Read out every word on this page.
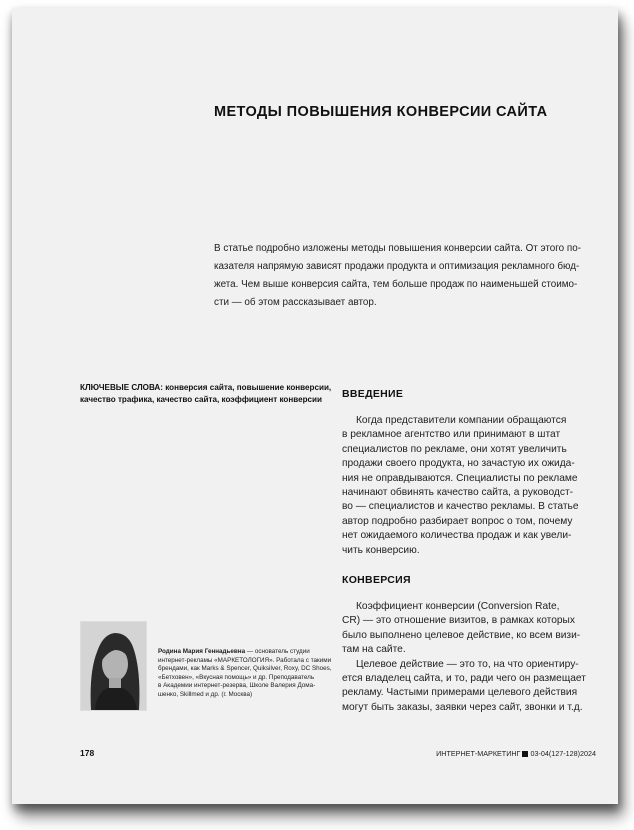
МЕТОДЫ ПОВЫШЕНИЯ КОНВЕРСИИ САЙТА

В статье подробно изложены методы повышения конверсии сайта. От этого по-
казателя напрямую зависят продажи продукта и оптимизация рекламного бюд-
жета. Чем выше конверсия сайта, тем больше продаж по наименьшей стоимо-
сти — об этом рассказывает автор.

КЛЮЧЕВЫЕ СЛОВА: конверсия сайта, повышение конверсии,
качество трафика, качество сайта, коэффициент конверсии	ВВЕДЕНИЕ

Когда представители компании обращаются
в рекламное агентство или принимают в штат
специалистов по рекламе, они хотят увеличить
продажи своего продукта, но зачастую их ожида-
ния не оправдываются. Специалисты по рекламе
начинают обвинять качество сайта, а руководст-
во — специалистов и качество рекламы. В статье
автор подробно разбирает вопрос о том, почему
нет ожидаемого количества продаж и как увели-
чить конверсию.

КОНВЕРСИЯ

Коэффициент конверсии (Conversion Rate,
CR) — это отношение визитов, в рамках которых
было выполнено целевое действие, ко всем визи-
там на сайте.
Целевое действие — это то, на что ориентиру-
ется владелец сайта, и то, ради чего он размещает
рекламу. Частыми примерами целевого действия
могут быть заказы, заявки через сайт, звонки и т.д.

Родина Мария Геннадьевна — основатель студии
интернет-рекламы «МАРКЕТОЛОГИЯ». Работала с такими
брендами, как Marks & Spencer, Quiksilver, Roxy, DC Shoes,
«Бетховен», «Вкусная помощь» и др. Преподаватель
в Академии интернет-резерва, Школе Валерия Дома-
шенко, Skillmed и др. (г. Москва)
178	ИНТЕРНЕТ-МАРКЕТИНГ 03-04(127-128)2024
